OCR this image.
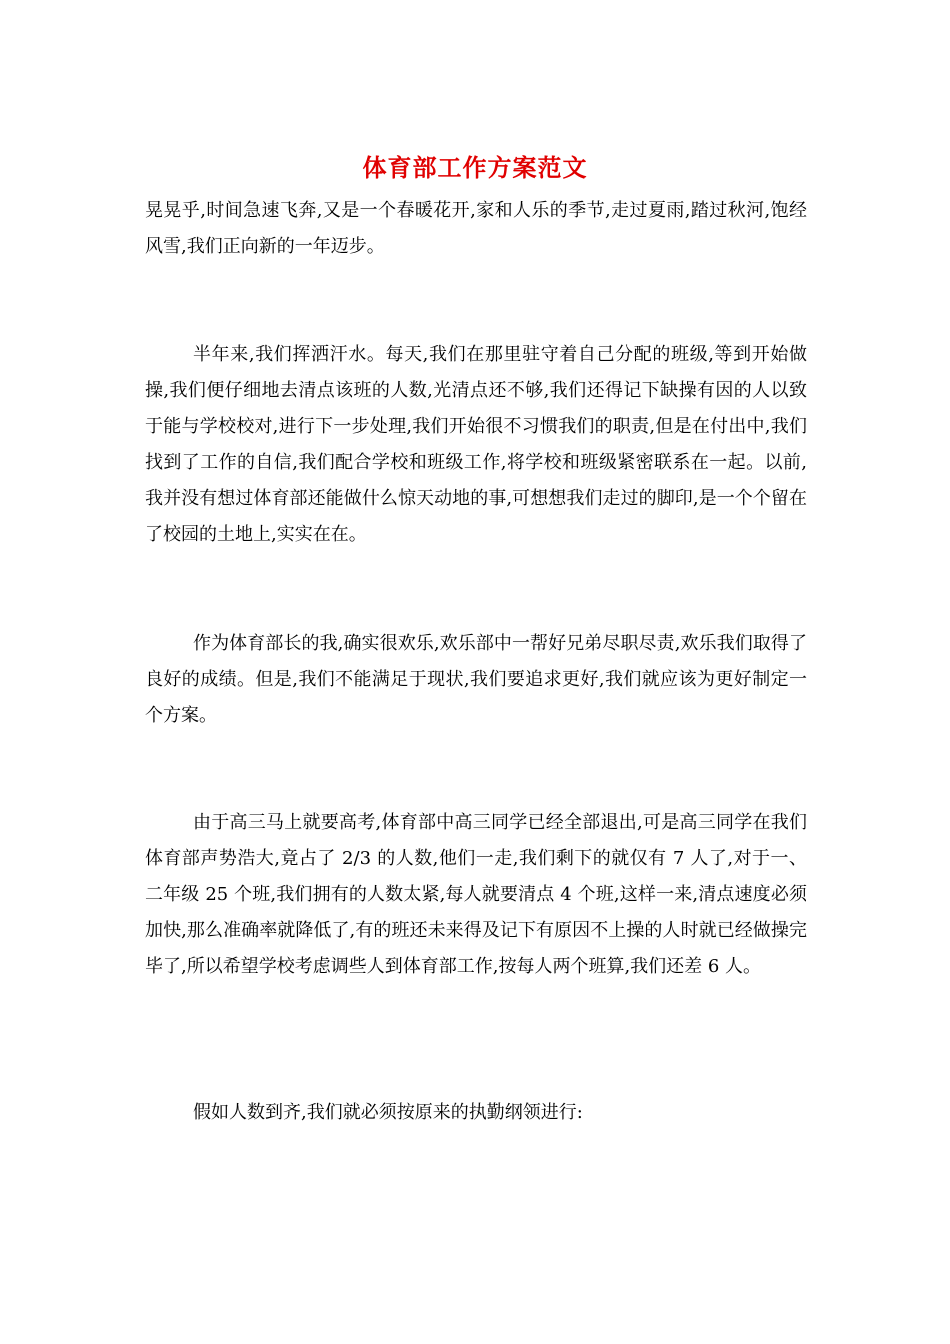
体育部工作方案范文

晃晃乎,时间急速飞奔,又是一个春暖花开,家和人乐的季节,走过夏雨,踏过秋河,饱经风雪,我们正向新的一年迈步。

半年来,我们挥洒汗水。每天,我们在那里驻守着自己分配的班级,等到开始做操,我们便仔细地去清点该班的人数,光清点还不够,我们还得记下缺操有因的人以致于能与学校校对,进行下一步处理,我们开始很不习惯我们的职责,但是在付出中,我们找到了工作的自信,我们配合学校和班级工作,将学校和班级紧密联系在一起。以前,我并没有想过体育部还能做什么惊天动地的事,可想想我们走过的脚印,是一个个留在了校园的土地上,实实在在。

作为体育部长的我,确实很欢乐,欢乐部中一帮好兄弟尽职尽责,欢乐我们取得了良好的成绩。但是,我们不能满足于现状,我们要追求更好,我们就应该为更好制定一个方案。

由于高三马上就要高考,体育部中高三同学已经全部退出,可是高三同学在我们体育部声势浩大,竟占了 2/3 的人数,他们一走,我们剩下的就仅有 7 人了,对于一、二年级 25 个班,我们拥有的人数太紧,每人就要清点 4 个班,这样一来,清点速度必须加快,那么准确率就降低了,有的班还未来得及记下有原因不上操的人时就已经做操完毕了,所以希望学校考虑调些人到体育部工作,按每人两个班算,我们还差 6 人。

假如人数到齐,我们就必须按原来的执勤纲领进行:
